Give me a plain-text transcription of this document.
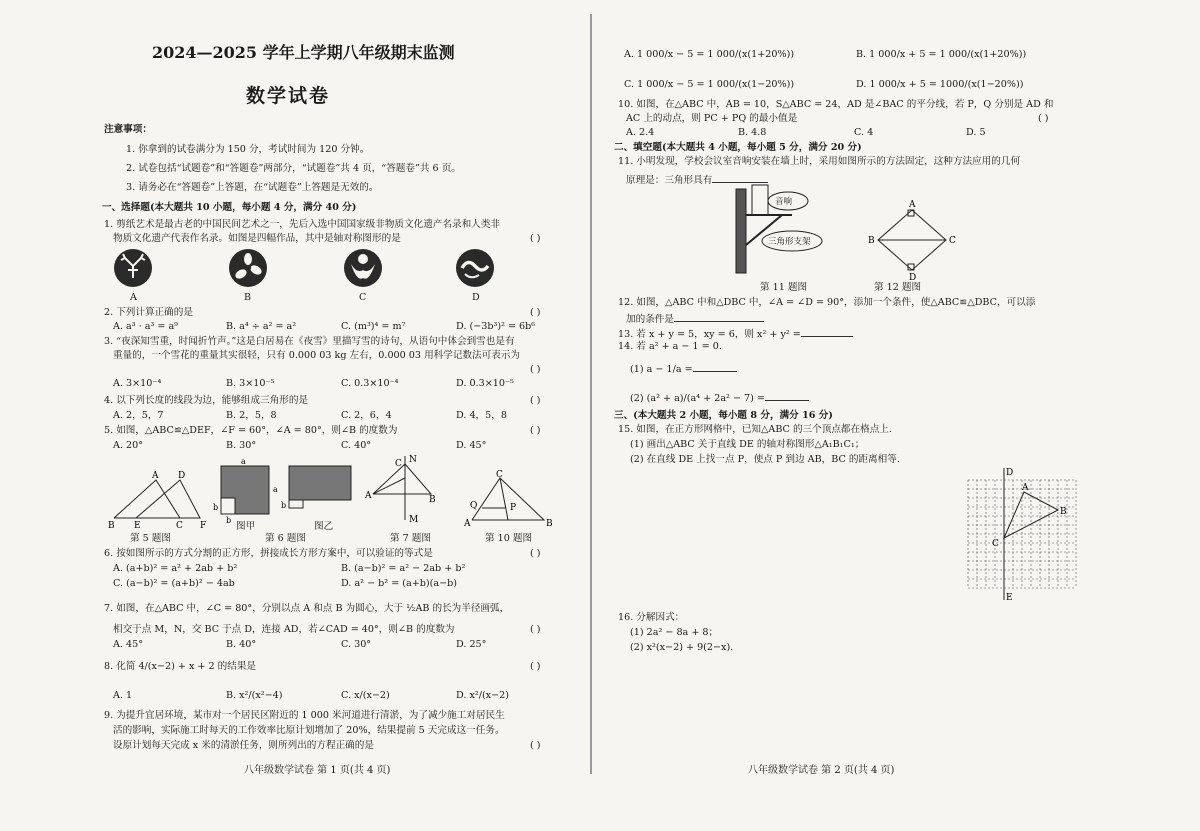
2024—2025 学年上学期八年级期末监测
数学试卷
注意事项：
1. 你拿到的试卷满分为 150 分，考试时间为 120 分钟。
2. 试卷包括“试题卷”和“答题卷”两部分，“试题卷”共 4 页，“答题卷”共 6 页。
3. 请务必在“答题卷”上答题，在“试题卷”上答题是无效的。
一、选择题(本大题共 10 小题，每小题 4 分，满分 40 分)
1. 剪纸艺术是最古老的中国民间艺术之一，先后入选中国国家级非物质文化遗产名录和人类非
物质文化遗产代表作名录。如图是四幅作品，其中是轴对称图形的是	( )
A	B	C	D
2. 下列计算正确的是	( )
A. a³ · a³ = a⁹	B. a⁴ ÷ a² = a²	C. (m³)⁴ = m⁷	D. (−3b³)² = 6b⁶
3. “夜深知雪重，时闻折竹声。”这是白居易在《夜雪》里描写雪的诗句，从语句中体会到雪也是有
重量的，一个雪花的重量其实很轻，只有 0.000 03 kg 左右，0.000 03 用科学记数法可表示为
( )
A. 3×10⁻⁴	B. 3×10⁻⁵	C. 0.3×10⁻⁴	D. 0.3×10⁻⁵
4. 以下列长度的线段为边，能够组成三角形的是	( )
A. 2，5，7	B. 2，5，8	C. 2，6，4	D. 4，5，8
5. 如图，△ABC≌△DEF，∠F = 60°，∠A = 80°，则∠B 的度数为	( )
A. 20°	B. 30°	C. 40°	D. 45°
B
A D
E	C F
a
a
b
b
b
A
C N
B
M
C
Q	P
A	B
第 5 题图
图甲	图乙
第 6 题图	第 7 题图	第 10 题图
6. 按如图所示的方式分割的正方形，拼接成长方形方案中，可以验证的等式是	( )
A. (a+b)² = a² + 2ab + b²	B. (a−b)² = a² − 2ab + b²
C. (a−b)² = (a+b)² − 4ab	D. a² − b² = (a+b)(a−b)
7. 如图，在△ABC 中，∠C = 80°，分别以点 A 和点 B 为圆心，大于 ½AB 的长为半径画弧，
相交于点 M，N，交 BC 于点 D，连接 AD，若∠CAD = 40°，则∠B 的度数为	( )
A. 45°	B. 40°	C. 30°	D. 25°
8. 化简 4/(x−2) + x + 2 的结果是	( )
A. 1	B. x²/(x²−4)	C. x/(x−2)	D. x²/(x−2)
9. 为提升宜居环境，某市对一个居民区附近的 1 000 米河道进行清淤，为了减少施工对居民生
活的影响，实际施工时每天的工作效率比原计划增加了 20%，结果提前 5 天完成这一任务。
设原计划每天完成 x 米的清淤任务，则所列出的方程正确的是	( )
八年级数学试卷 第 1 页(共 4 页)
A. 1 000/x − 5 = 1 000/(x(1+20%))	B. 1 000/x + 5 = 1 000/(x(1+20%))
C. 1 000/x − 5 = 1 000/(x(1−20%))	D. 1 000/x + 5 = 1000/(x(1−20%))
10. 如图，在△ABC 中，AB = 10，S△ABC = 24，AD 是∠BAC 的平分线，若 P，Q 分别是 AD 和
AC 上的动点，则 PC + PQ 的最小值是	( )
A. 2.4	B. 4.8	C. 4	D. 5
二、填空题(本大题共 4 小题，每小题 5 分，满分 20 分)
11. 小明发现，学校会议室音响安装在墙上时，采用如图所示的方法固定，这种方法应用的几何
原理是：三角形具有
音响
三角形支架
第 11 题图
A
B	C
D
第 12 题图
12. 如图，△ABC 中和△DBC 中，∠A = ∠D = 90°，添加一个条件，使△ABC≌△DBC，可以添
加的条件是
13. 若 x + y = 5，xy = 6，则 x² + y² =
14. 若 a² + a − 1 = 0.
(1) a − 1/a =
(2) (a² + a)/(a⁴ + 2a² − 7) =
三、(本大题共 2 小题，每小题 8 分，满分 16 分)
15. 如图，在正方形网格中，已知△ABC 的三个顶点都在格点上.
(1) 画出△ABC 关于直线 DE 的轴对称图形△A₁B₁C₁；
(2) 在直线 DE 上找一点 P，使点 P 到边 AB，BC 的距离相等.
D
E
A
B
C
16. 分解因式：
(1) 2a² − 8a + 8；
(2) x²(x−2) + 9(2−x).
八年级数学试卷 第 2 页(共 4 页)
